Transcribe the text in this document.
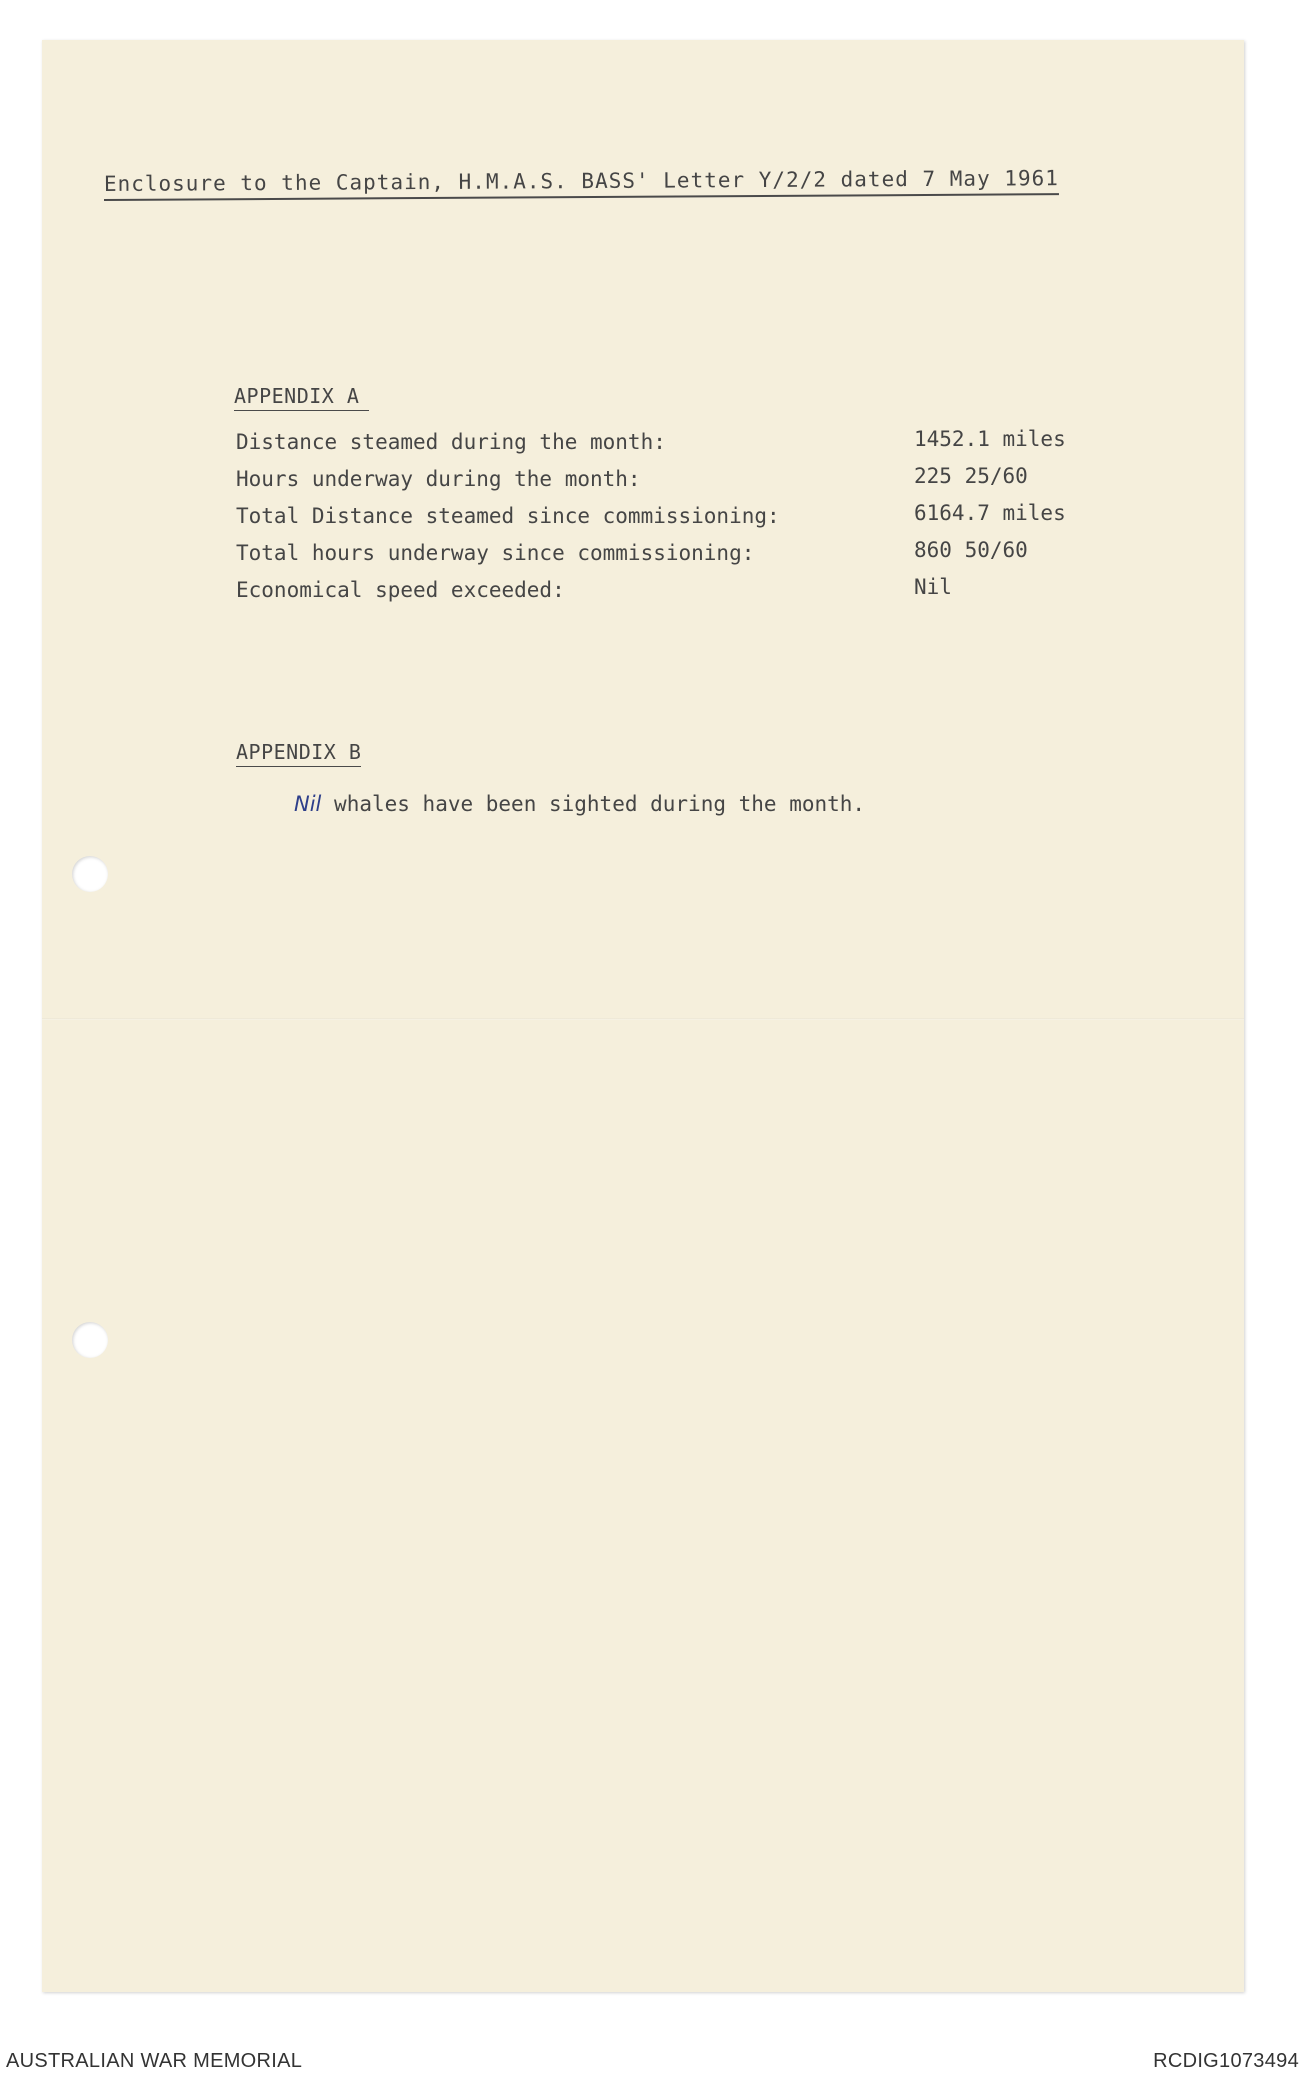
Enclosure to the Captain, H.M.A.S. BASS' Letter Y/2/2 dated 7 May 1961
APPENDIX A
Distance steamed during the month:	1452.1 miles
Hours underway during the month:	225 25/60
Total Distance steamed since commissioning:	6164.7 miles
Total hours underway since commissioning:	860 50/60
Economical speed exceeded:	Nil
APPENDIX B
Nil whales have been sighted during the month.
AUSTRALIAN WAR MEMORIAL	RCDIG1073494
